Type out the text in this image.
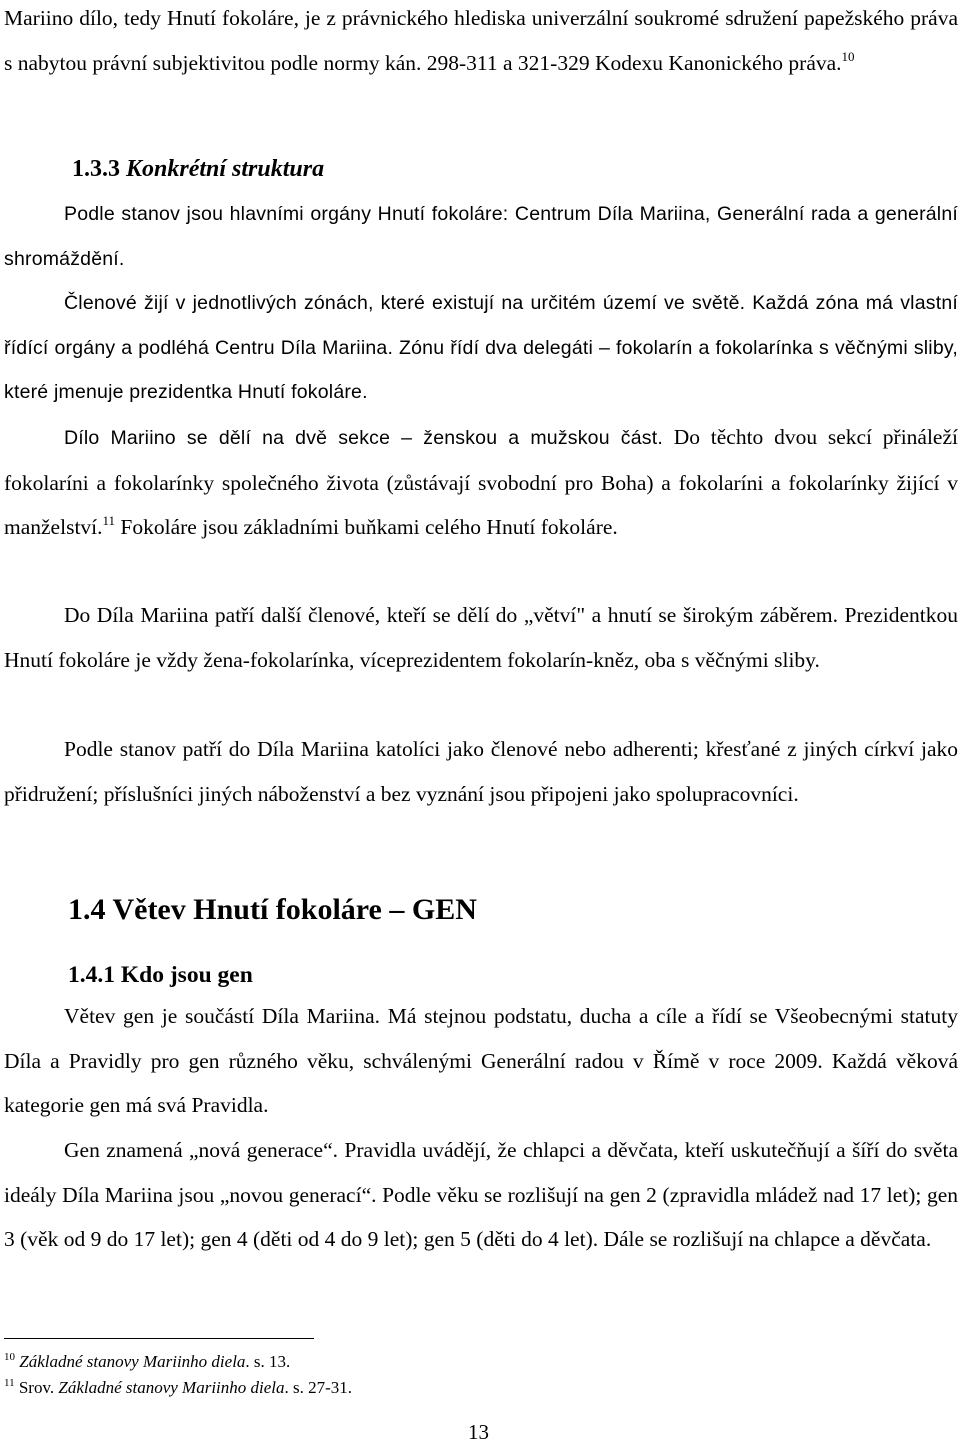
Mariino dílo, tedy Hnutí fokoláre, je z právnického hlediska univerzální soukromé sdružení papežského práva s nabytou právní subjektivitou podle normy kán. 298-311 a 321-329 Kodexu Kanonického práva.$^{10}$

1.3.3 Konkrétní struktura

Podle stanov jsou hlavními orgány Hnutí fokoláre: Centrum Díla Mariina, Generální rada a generální shromáždění.

Členové žijí v jednotlivých zónách, které existují na určitém území ve světě. Každá zóna má vlastní řídící orgány a podléhá Centru Díla Mariina. Zónu řídí dva delegáti – fokolarín a fokolarínka s věčnými sliby, které jmenuje prezidentka Hnutí fokoláre.

Dílo Mariino se dělí na dvě sekce – ženskou a mužskou část. Do těchto dvou sekcí přináleží fokolaríni a fokolarínky společného života (zůstávají svobodní pro Boha) a fokolaríni a fokolarínky žijící v manželství.$^{11}$ Fokoláre jsou základními buňkami celého Hnutí fokoláre.

Do Díla Mariina patří další členové, kteří se dělí do „větví" a hnutí se širokým záběrem. Prezidentkou Hnutí fokoláre je vždy žena-fokolarínka, víceprezidentem fokolarín-kněz, oba s věčnými sliby.

Podle stanov patří do Díla Mariina katolíci jako členové nebo adherenti; křesťané z jiných církví jako přidružení; příslušníci jiných náboženství a bez vyznání jsou připojeni jako spolupracovníci.

1.4 Větev Hnutí fokoláre – GEN
1.4.1 Kdo jsou gen

Větev gen je součástí Díla Mariina. Má stejnou podstatu, ducha a cíle a řídí se Všeobecnými statuty Díla a Pravidly pro gen různého věku, schválenými Generální radou v Římě v roce 2009. Každá věková kategorie gen má svá Pravidla.

Gen znamená „nová generace“. Pravidla uvádějí, že chlapci a děvčata, kteří uskutečňují a šíří do světa ideály Díla Mariina jsou „novou generací“. Podle věku se rozlišují na gen 2 (zpravidla mládež nad 17 let); gen 3 (věk od 9 do 17 let); gen 4 (děti od 4 do 9 let); gen 5 (děti do 4 let). Dále se rozlišují na chlapce a děvčata.

$^{10}$ Základné stanovy Mariinho diela. s. 13.
$^{11}$ Srov. Základné stanovy Mariinho diela. s. 27-31.
13
